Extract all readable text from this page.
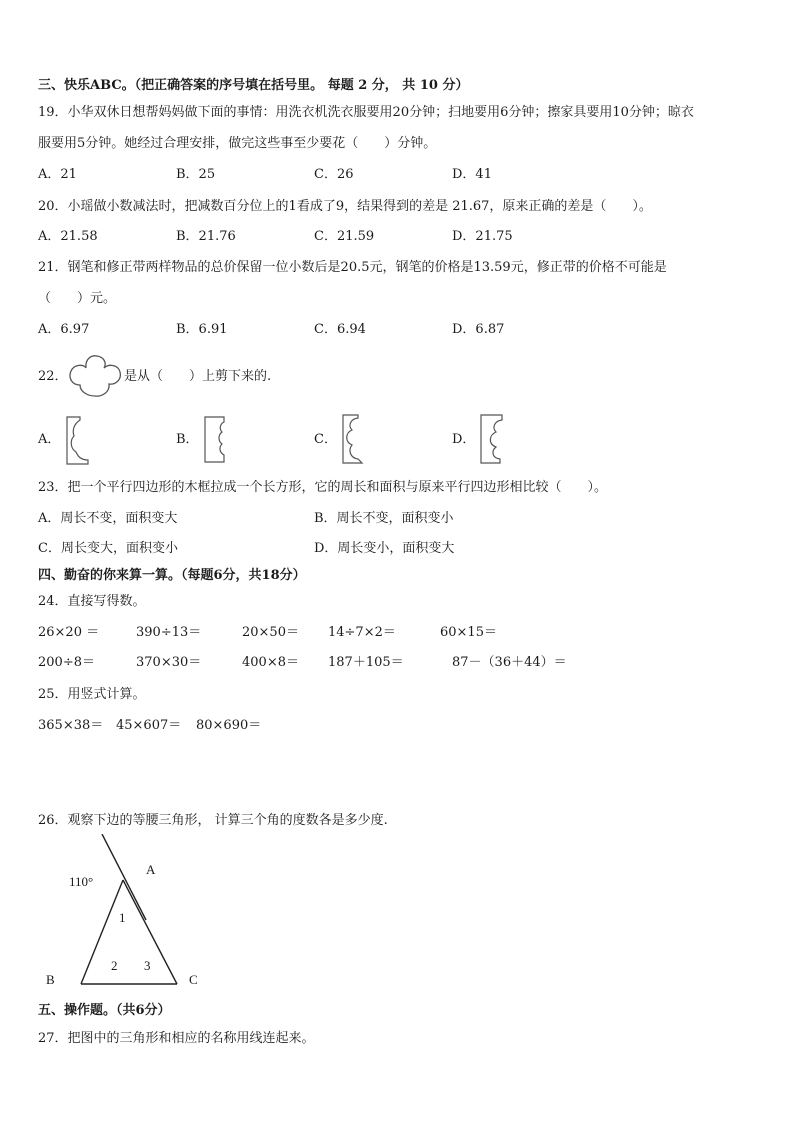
三、快乐ABC。（把正确答案的序号填在括号里。 每题 2 分， 共 10 分）
19．小华双休日想帮妈妈做下面的事情：用洗衣机洗衣服要用20分钟；扫地要用6分钟；擦家具要用10分钟；晾衣
服要用5分钟。她经过合理安排，做完这些事至少要花（　　）分钟。
A．21	B．25	C．26	D．41
20．小瑶做小数减法时，把减数百分位上的1看成了9，结果得到的差是 21.67，原来正确的差是（　　）。
A．21.58	B．21.76	C．21.59	D．21.75
21．钢笔和修正带两样物品的总价保留一位小数后是20.5元，钢笔的价格是13.59元，修正带的价格不可能是
（　　）元。
A．6.97	B．6.91	C．6.94	D．6.87
22．	是从（　　）上剪下来的.
A．	B．	C．	D．
23．把一个平行四边形的木框拉成一个长方形，它的周长和面积与原来平行四边形相比较（　　）。
A．周长不变，面积变大	B．周长不变，面积变小
C．周长变大，面积变小	D．周长变小，面积变大
四、勤奋的你来算一算。（每题6分，共18分）
24．直接写得数。
26×20 ＝	390÷13＝	20×50＝ 14÷7×2＝	60×15＝
200÷8＝	370×30＝	400×8＝ 187＋105＝	87－（36＋44）＝
25．用竖式计算。
365×38＝ 45×607＝ 80×690＝
26．观察下边的等腰三角形， 计算三个角的度数各是多少度.
110°
A
B	C
1
2 3
五、操作题。（共6分）
27．把图中的三角形和相应的名称用线连起来。
